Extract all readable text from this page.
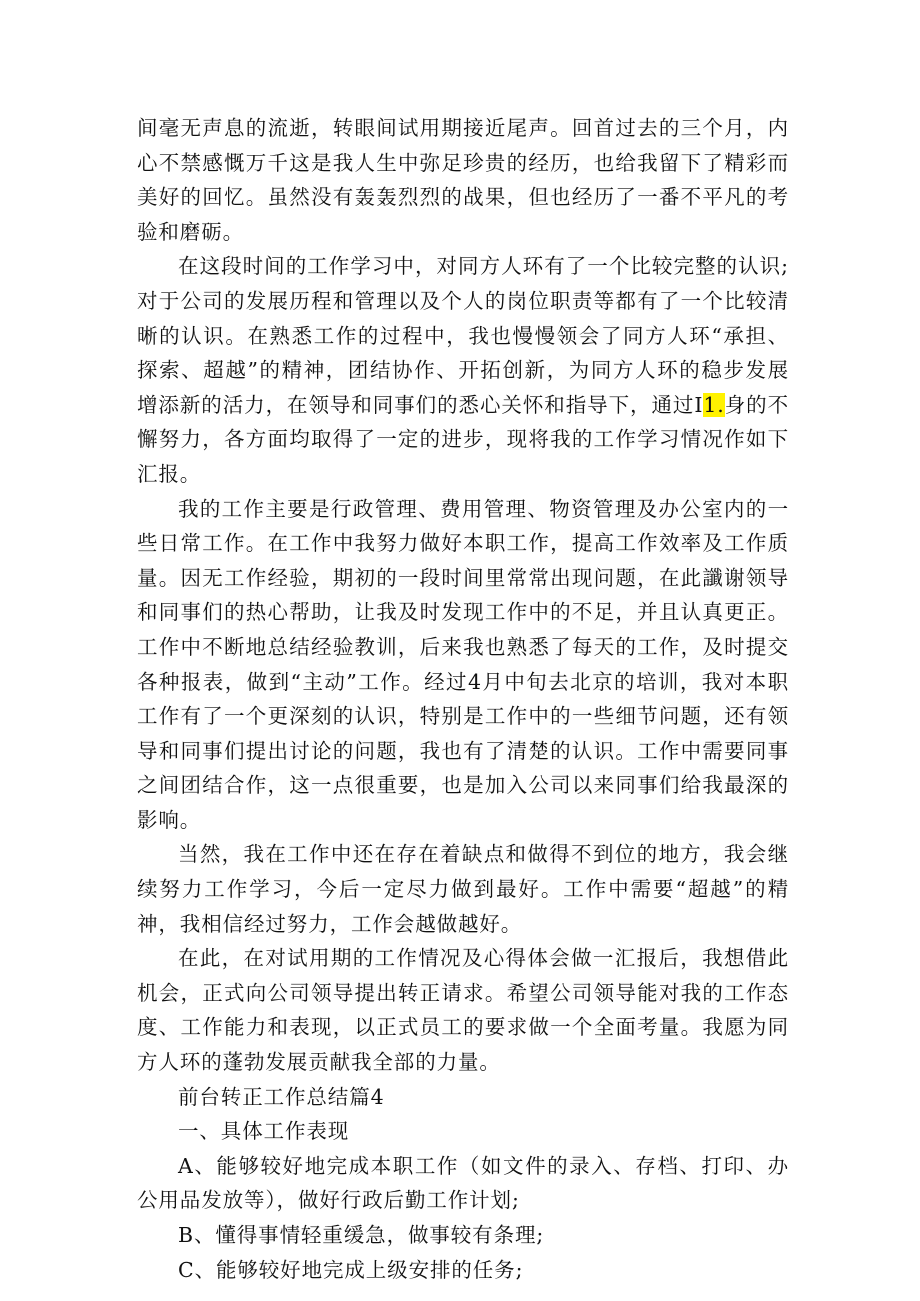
间毫无声息的流逝，转眼间试用期接近尾声。回首过去的三个月，内心不禁感慨万千这是我人生中弥足珍贵的经历，也给我留下了精彩而美好的回忆。虽然没有轰轰烈烈的战果，但也经历了一番不平凡的考验和磨砺。

在这段时间的工作学习中，对同方人环有了一个比较完整的认识;对于公司的发展历程和管理以及个人的岗位职责等都有了一个比较清晰的认识。在熟悉工作的过程中，我也慢慢领会了同方人环“承担、探索、超越”的精神，团结协作、开拓创新，为同方人环的稳步发展增添新的活力，在领导和同事们的悉心关怀和指导下，通过I1.身的不懈努力，各方面均取得了一定的进步，现将我的工作学习情况作如下汇报。

我的工作主要是行政管理、费用管理、物资管理及办公室内的一些日常工作。在工作中我努力做好本职工作，提高工作效率及工作质量。因无工作经验，期初的一段时间里常常出现问题，在此讖谢领导和同事们的热心帮助，让我及时发现工作中的不足，并且认真更正。工作中不断地总结经验教训，后来我也熟悉了每天的工作，及时提交各种报表，做到“主动”工作。经过4月中旬去北京的培训，我对本职工作有了一个更深刻的认识，特别是工作中的一些细节问题，还有领导和同事们提出讨论的问题，我也有了清楚的认识。工作中需要同事之间团结合作，这一点很重要，也是加入公司以来同事们给我最深的影响。

当然，我在工作中还在存在着缺点和做得不到位的地方，我会继续努力工作学习，今后一定尽力做到最好。工作中需要“超越”的精神，我相信经过努力，工作会越做越好。

在此，在对试用期的工作情况及心得体会做一汇报后，我想借此机会，正式向公司领导提出转正请求。希望公司领导能对我的工作态度、工作能力和表现，以正式员工的要求做一个全面考量。我愿为同方人环的蓬勃发展贡献我全部的力量。

前台转正工作总结篇4

一、具体工作表现

A、能够较好地完成本职工作（如文件的录入、存档、打印、办公用品发放等），做好行政后勤工作计划;

B、懂得事情轻重缓急，做事较有条理;

C、能够较好地完成上级安排的任务;
